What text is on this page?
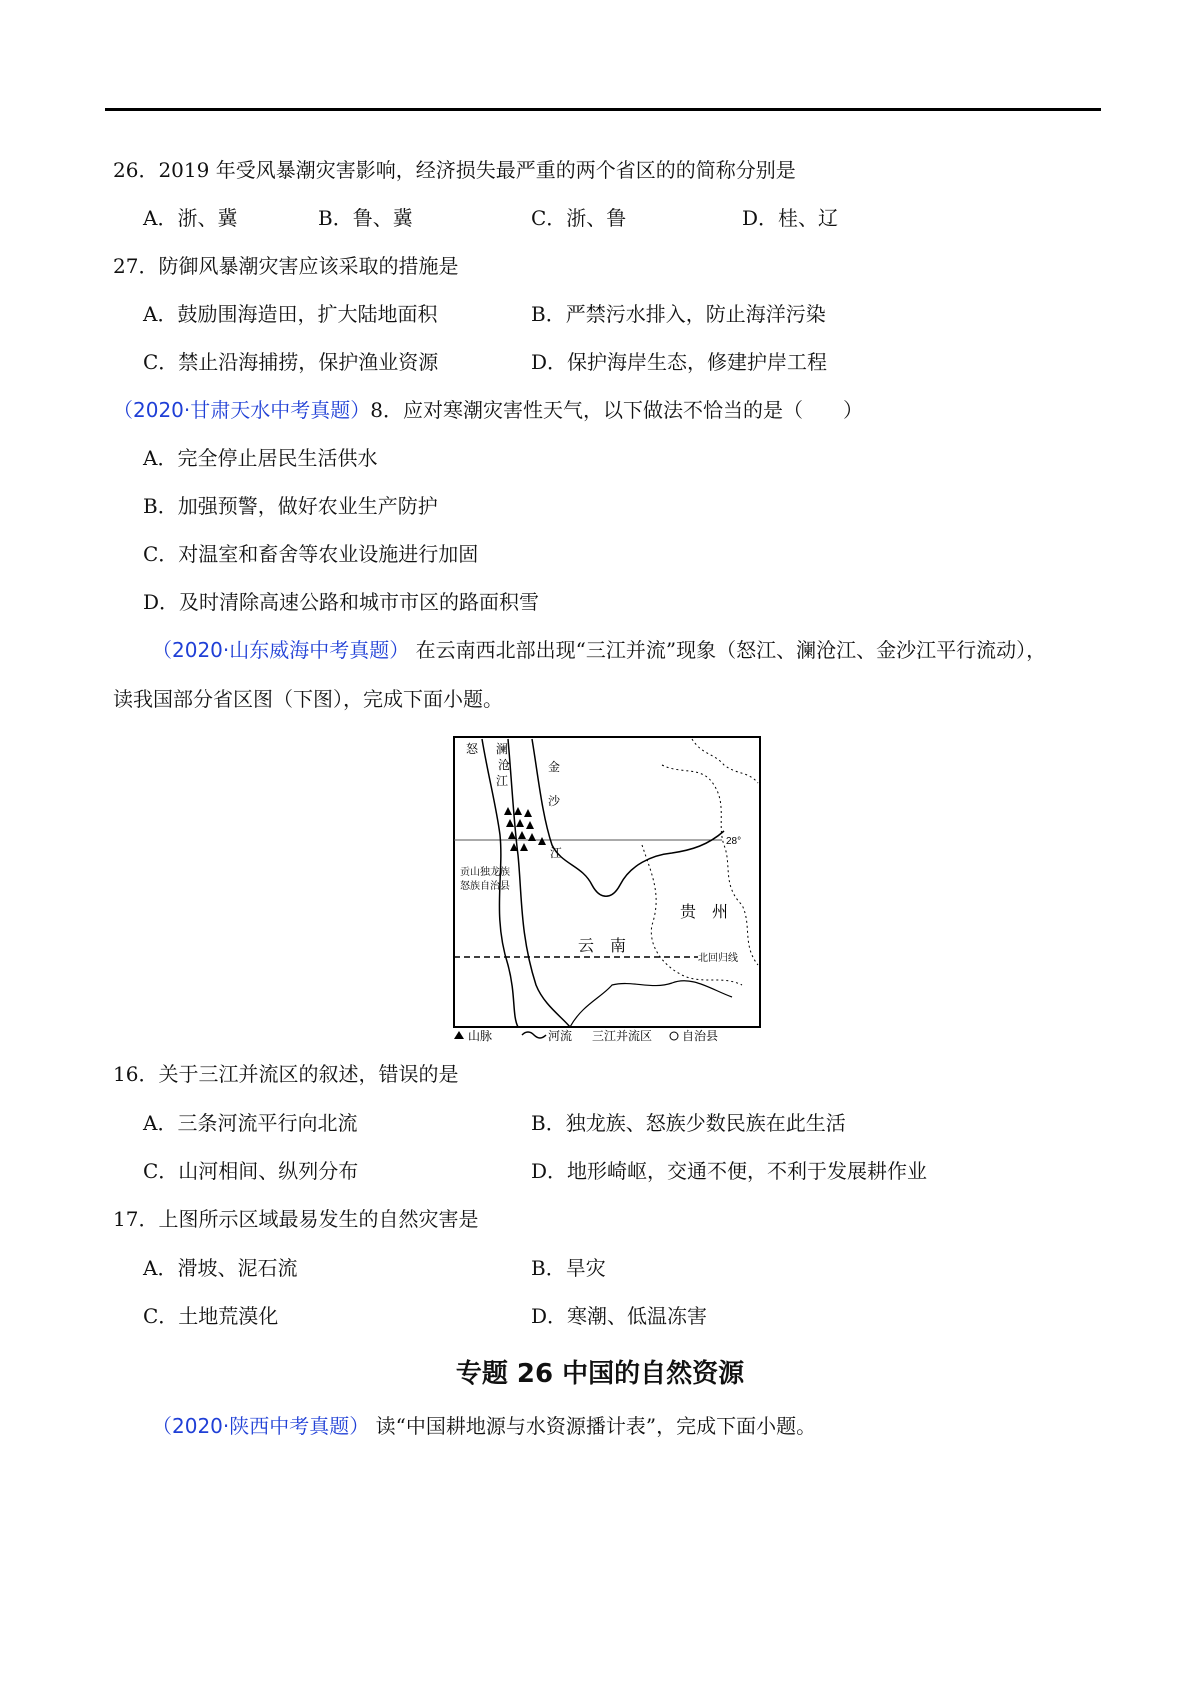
26．2019 年受风暴潮灾害影响，经济损失最严重的两个省区的的简称分别是
A．浙、冀	B．鲁、冀	C．浙、鲁	D．桂、辽
27．防御风暴潮灾害应该采取的措施是
A．鼓励围海造田，扩大陆地面积	B．严禁污水排入，防止海洋污染
C．禁止沿海捕捞，保护渔业资源	D．保护海岸生态，修建护岸工程
（2020·甘肃天水中考真题）8．应对寒潮灾害性天气，以下做法不恰当的是（　　）
A．完全停止居民生活供水
B．加强预警，做好农业生产防护
C．对温室和畜舍等农业设施进行加固
D．及时清除高速公路和城市市区的路面积雪
（2020·山东威海中考真题） 在云南西北部出现“三江并流”现象（怒江、澜沧江、金沙江平行流动），
读我国部分省区图（下图），完成下面小题。
怒 澜
沧
江
金
沙
江
贡山独龙族
怒族自治县
28°
贵　州
云　南
北回归线
山脉	河流 三江并流区 自治县
16．关于三江并流区的叙述，错误的是
A．三条河流平行向北流	B．独龙族、怒族少数民族在此生活
C．山河相间、纵列分布	D．地形崎岖，交通不便，不利于发展耕作业
17．上图所示区域最易发生的自然灾害是
A．滑坡、泥石流	B．旱灾
C．土地荒漠化	D．寒潮、低温冻害
专题 26 中国的自然资源
（2020·陕西中考真题） 读“中国耕地源与水资源播计表”，完成下面小题。
